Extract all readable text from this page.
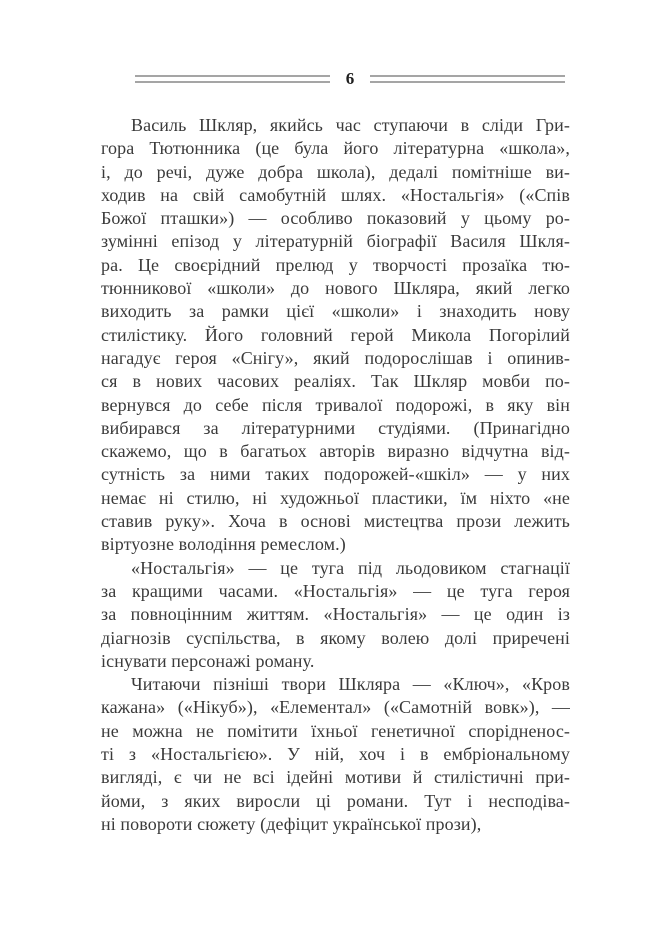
6
Василь Шкляр, якийсь час ступаючи в сліди Гри-
гора Тютюнника (це була його літературна «школа»,
і, до речі, дуже добра школа), дедалі помітніше ви-
ходив на свій самобутній шлях. «Ностальгія» («Спів
Божої пташки») — особливо показовий у цьому ро-
зумінні епізод у літературній біографії Василя Шкля-
ра. Це своєрідний прелюд у творчості прозаїка тю-
тюнникової «школи» до нового Шкляра, який легко
виходить за рамки цієї «школи» і знаходить нову
стилістику. Його головний герой Микола Погорілий
нагадує героя «Снігу», який подорослішав і опинив-
ся в нових часових реаліях. Так Шкляр мовби по-
вернувся до себе після тривалої подорожі, в яку він
вибирався за літературними студіями. (Принагідно
скажемо, що в багатьох авторів виразно відчутна від-
сутність за ними таких подорожей-«шкіл» — у них
немає ні стилю, ні художньої пластики, їм ніхто «не
ставив руку». Хоча в основі мистецтва прози лежить
віртуозне володіння ремеслом.)
«Ностальгія» — це туга під льодовиком стагнації
за кращими часами. «Ностальгія» — це туга героя
за повноцінним життям. «Ностальгія» — це один із
діагнозів суспільства, в якому волею долі приречені
існувати персонажі роману.
Читаючи пізніші твори Шкляра — «Ключ», «Кров
кажана» («Нікуб»), «Елементал» («Самотній вовк»), —
не можна не помітити їхньої генетичної спорідненос-
ті з «Ностальгією». У ній, хоч і в ембріональному
вигляді, є чи не всі ідейні мотиви й стилістичні при-
йоми, з яких виросли ці романи. Тут і несподіва-
ні повороти сюжету (дефіцит української прози),
